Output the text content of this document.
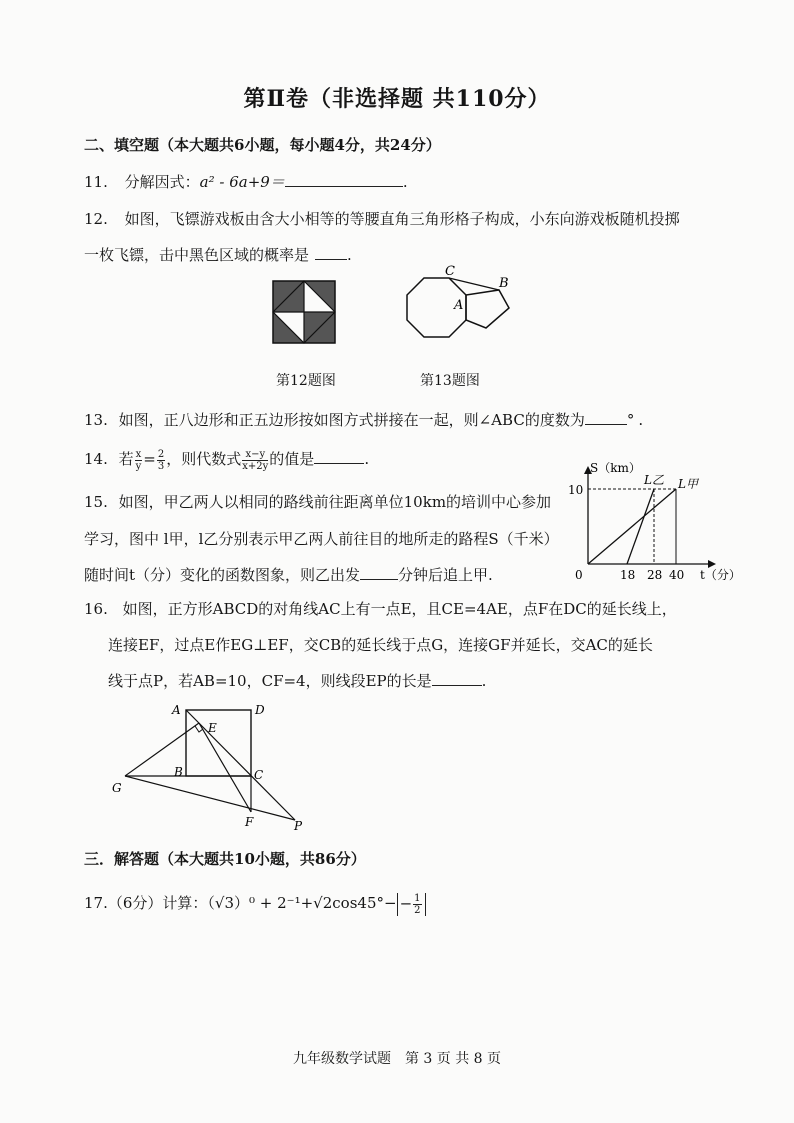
第Ⅱ卷（非选择题 共110分）
二、填空题（本大题共6小题，每小题4分，共24分）
11. 分解因式：a² - 6a+9＝	.
12. 如图，飞镖游戏板由含大小相等的等腰直角三角形格子构成，小东向游戏板随机投掷
一枚飞镖，击中黑色区域的概率是	.
C
B
A
第12题图	第13题图
13. 如图，正八边形和正五边形按如图方式拼接在一起，则∠ABC的度数为	° .
14. 若 $\frac{x}{y} = \frac{2}{3}$ ，则代数式 $\frac{x-y}{x+2y}$ 的值是	.
15. 如图，甲乙两人以相同的路线前往距离单位10km的培训中心参加
学习，图中 l甲，l乙分别表示甲乙两人前往目的地所走的路程S（千米）
随时间t（分）变化的函数图象，则乙出发	分钟后追上甲.
S（km）
10
0	18 28 40 t（分）
L乙 L甲
16. 如图，正方形ABCD的对角线AC上有一点E，且CE=4AE，点F在DC的延长线上，
连接EF，过点E作EG⊥EF，交CB的延长线于点G，连接GF并延长，交AC的延长
线于点P，若AB=10，CF=4，则线段EP的长是	.
A	D
E
B	C
G
F	P
三．解答题（本大题共10小题，共86分）
17.（6分）计算：$(√3)^0 + 2^{-1}+√2\cos 45^\circ- - \frac{1}{2}$
九年级数学试题　第 3 页 共 8 页
